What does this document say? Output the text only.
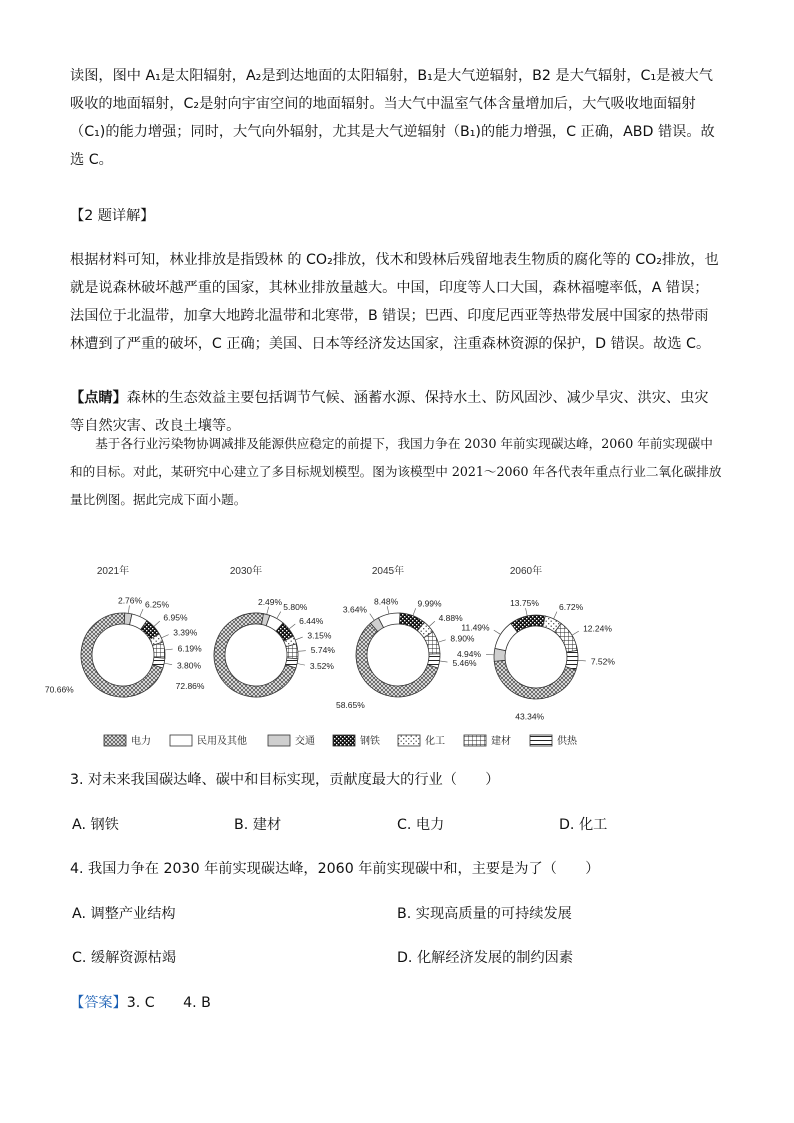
读图，图中 A₁是太阳辐射，A₂是到达地面的太阳辐射，B₁是大气逆辐射，B2 是大气辐射，C₁是被大气吸收的地面辐射，C₂是射向宇宙空间的地面辐射。当大气中温室气体含量增加后，大气吸收地面辐射（C₁)的能力增强；同时，大气向外辐射，尤其是大气逆辐射（B₁)的能力增强，C 正确，ABD 错误。故选 C。

【2 题详解】

根据材料可知，林业排放是指毁林 的 CO₂排放，伐木和毁林后残留地表生物质的腐化等的 CO₂排放，也就是说森林破坏越严重的国家，其林业排放量越大。中国，印度等人口大国，森林福嚏率低，A 错误；法国位于北温带，加拿大地跨北温带和北寒带，B 错误；巴西、印度尼西亚等热带发展中国家的热带雨林遭到了严重的破坏，C 正确；美国、日本等经济发达国家，注重森林资源的保护，D 错误。故选 C。

【点睛】森林的生态效益主要包括调节气候、涵蓄水源、保持水土、防风固沙、减少旱灾、洪灾、虫灾等自然灾害、改良土壤等。

基于各行业污染物协调减排及能源供应稳定的前提下，我国力争在 2030 年前实现碳达峰，2060 年前实现碳中和的目标。对此，某研究中心建立了多目标规划模型。图为该模型中 2021～2060 年各代表年重点行业二氧化碳排放量比例图。据此完成下面小题。

2021年
70.66%
2.76% 6.25%
6.95%
3.39%
6.19%
3.80%
2030年
72.86%
2.49%
5.80%
6.44%
3.15%
5.74%
3.52%
2045年
58.65%
3.64%
8.48% 9.99%
4.88%
8.90%
5.46%
2060年
43.34%
4.94%
11.49%
13.75% 6.72%
12.24%
7.52%
电力	民用及其他	交通	钢铁	化工	建材	供热

3. 对未来我国碳达峰、碳中和目标实现，贡献度最大的行业（　　）

A. 钢铁	B. 建材	C. 电力	D. 化工

4. 我国力争在 2030 年前实现碳达峰，2060 年前实现碳中和，主要是为了（　　）

A. 调整产业结构	B. 实现高质量的可持续发展
C. 缓解资源枯竭	D. 化解经济发展的制约因素

【答案】3. C　　4. B
